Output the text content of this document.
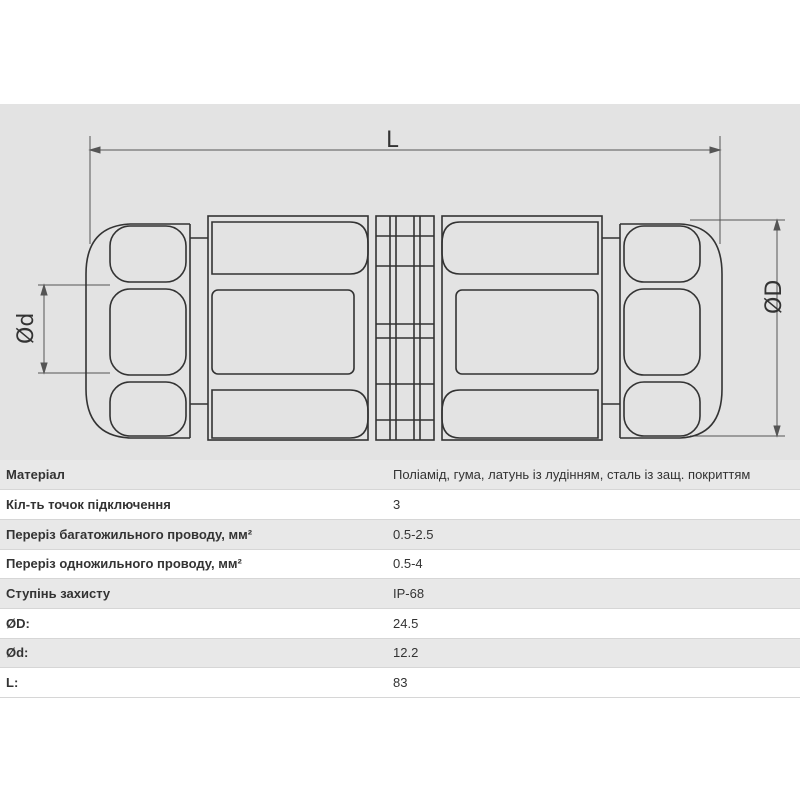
L
ØD
Ød
Матеріал	Поліамід, гума, латунь із лудінням, сталь із защ. покриттям
Кіл-ть точок підключення	3
Переріз багатожильного проводу, мм²	0.5-2.5
Переріз одножильного проводу, мм²	0.5-4
Ступінь захисту	IP-68
ØD:	24.5
Ød:	12.2
L:	83
